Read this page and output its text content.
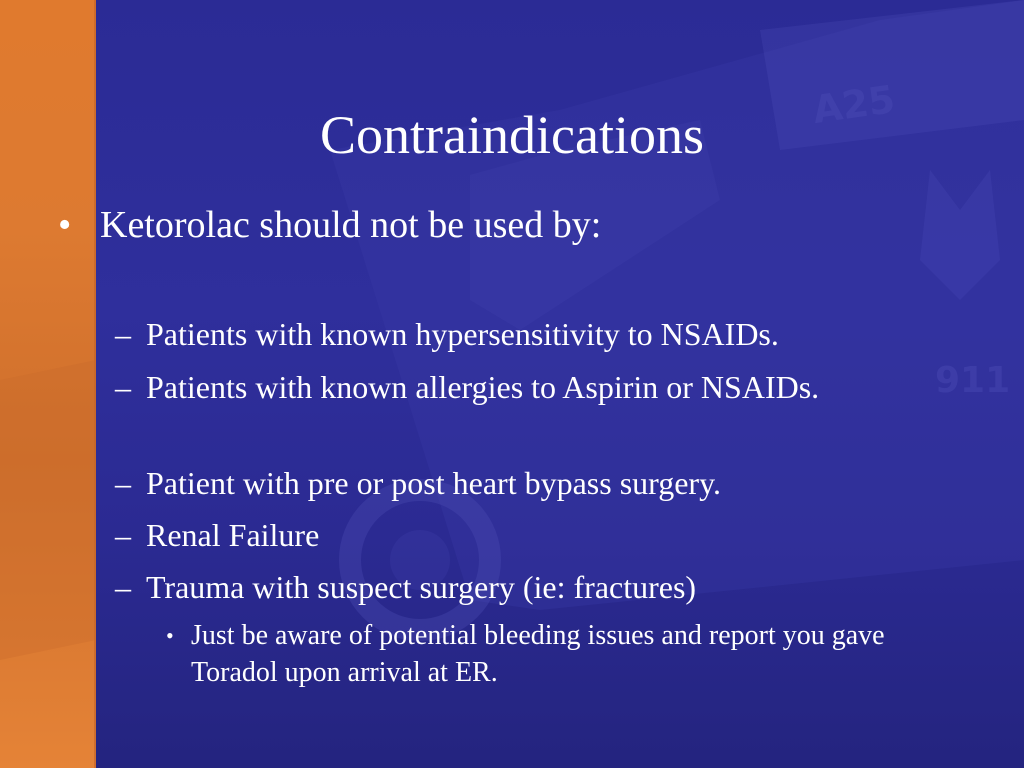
A25
911
Contraindications
• Ketorolac should not be used by:
– Patients with known hypersensitivity to NSAIDs.
– Patients with known allergies to Aspirin or NSAIDs.
– Patient with pre or post heart bypass surgery.
– Renal Failure
– Trauma with suspect surgery (ie: fractures)
• Just be aware of potential bleeding issues and report you gave Toradol upon arrival at ER.
